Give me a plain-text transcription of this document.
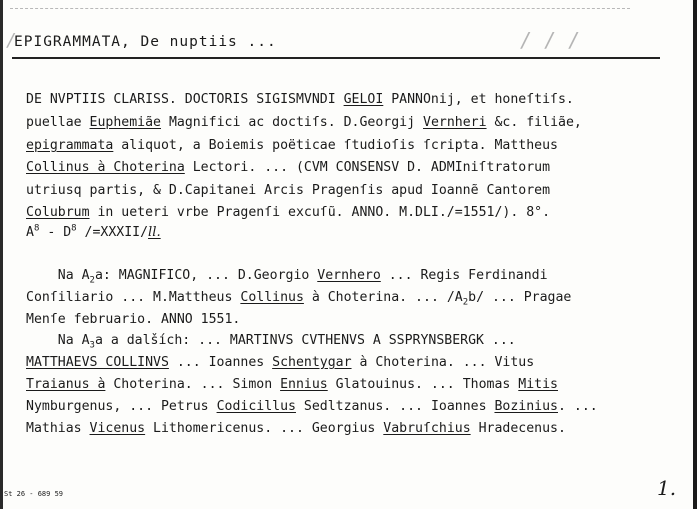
/	/ / /
EPIGRAMMATA, De nuptiis ...
DE NVPTIIS CLARISS. DOCTORIS SIGISMVNDI GELOI PANNOnij, et honeſtiſs.
puellae Euphemiãe Magnifici ac doctiſs. D.Georgij Vernheri &c. filiãe,
epigrammata aliquot, a Boiemis poëticae ſtudioſis ſcripta. Mattheus
Collinus à Choterina Lectori. ... (CVM CONSENSV D. ADMIniſtratorum
utriusq partis, & D.Capitanei Arcis Pragenſis apud Ioannẽ Cantorem
Colubrum in ueteri vrbe Pragenſi excuſũ. ANNO. M.DLI./=1551/). 8°.
$A^8 - D^8$ /=XXXII/ll.
Na $A_2a$: MAGNIFICO, ... D.Georgio Vernhero ... Regis Ferdinandi
Conſiliario ... M.Mattheus Collinus à Choterina. ... $/A_2b/$ ... Pragae
Menſe februario. ANNO 1551.
Na $A_3a$ a dalších: ... MARTINVS CVTHENVS A SSPRYNSBERGK ...
MATTHAEVS COLLINVS ... Ioannes Schentygar à Choterina. ... Vitus
Traianus à Choterina. ... Simon Ennius Glatouinus. ... Thomas Mitis
Nymburgenus, ... Petrus Codicillus Sedltzanus. ... Ioannes Bozinius. ...
Mathias Vicenus Lithomericenus. ... Georgius Vabruſchius Hradecenus.
St 26 - 689 59	1.
